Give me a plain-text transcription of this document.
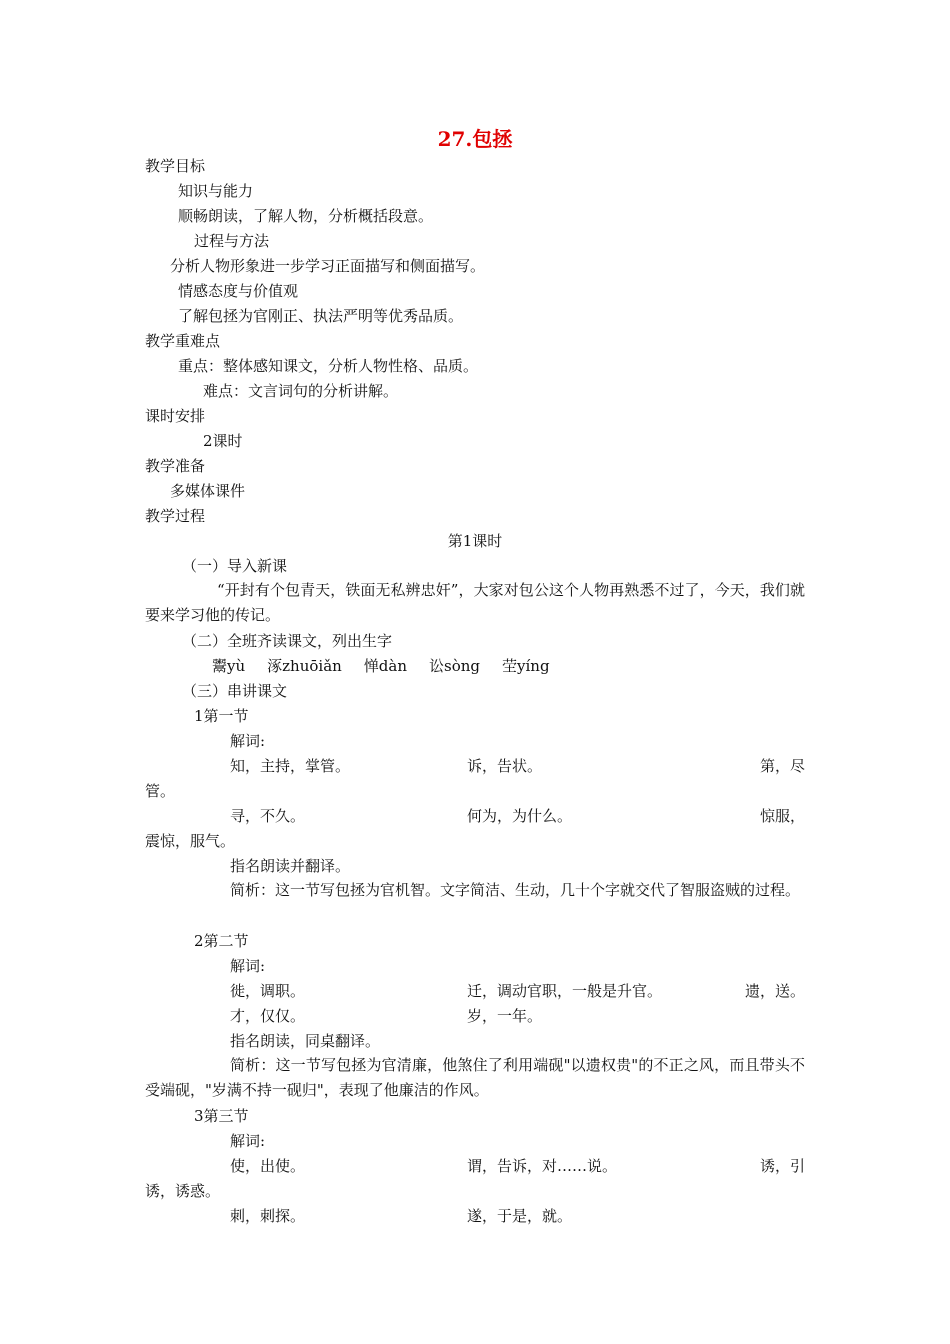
27.包拯
教学目标
知识与能力
顺畅朗读，了解人物，分析概括段意。
过程与方法
分析人物形象进一步学习正面描写和侧面描写。
情感态度与价值观
了解包拯为官刚正、执法严明等优秀品质。
教学重难点
重点：整体感知课文，分析人物性格、品质。
难点：文言词句的分析讲解。
课时安排
2课时
教学准备
多媒体课件
教学过程
第1课时
（一）导入新课
“开封有个包青天，铁面无私辨忠奸”，大家对包公这个人物再熟悉不过了，今天，我们就要来学习他的传记。
（二）全班齐读课文，列出生字
鬻yù 涿zhuōiǎn 惮dàn 讼sòng 茔yíng
（三）串讲课文
1第一节
解词:
知，主持，掌管。	诉，告状。	第，尽
管。
寻，不久。	何为，为什么。	惊服，
震惊，服气。
指名朗读并翻译。
简析：这一节写包拯为官机智。文字简洁、生动，几十个字就交代了智服盗贼的过程。
2第二节
解词:
徙，调职。	迁，调动官职，一般是升官。	遗，送。
才，仅仅。	岁，一年。
指名朗读，同桌翻译。
简析：这一节写包拯为官清廉，他煞住了利用端砚"以遗权贵"的不正之风，而且带头不受端砚，"岁满不持一砚归"，表现了他廉洁的作风。
3第三节
解词:
使，出使。	谓，告诉，对……说。	诱，引
诱，诱惑。
刺，刺探。	遂，于是，就。
